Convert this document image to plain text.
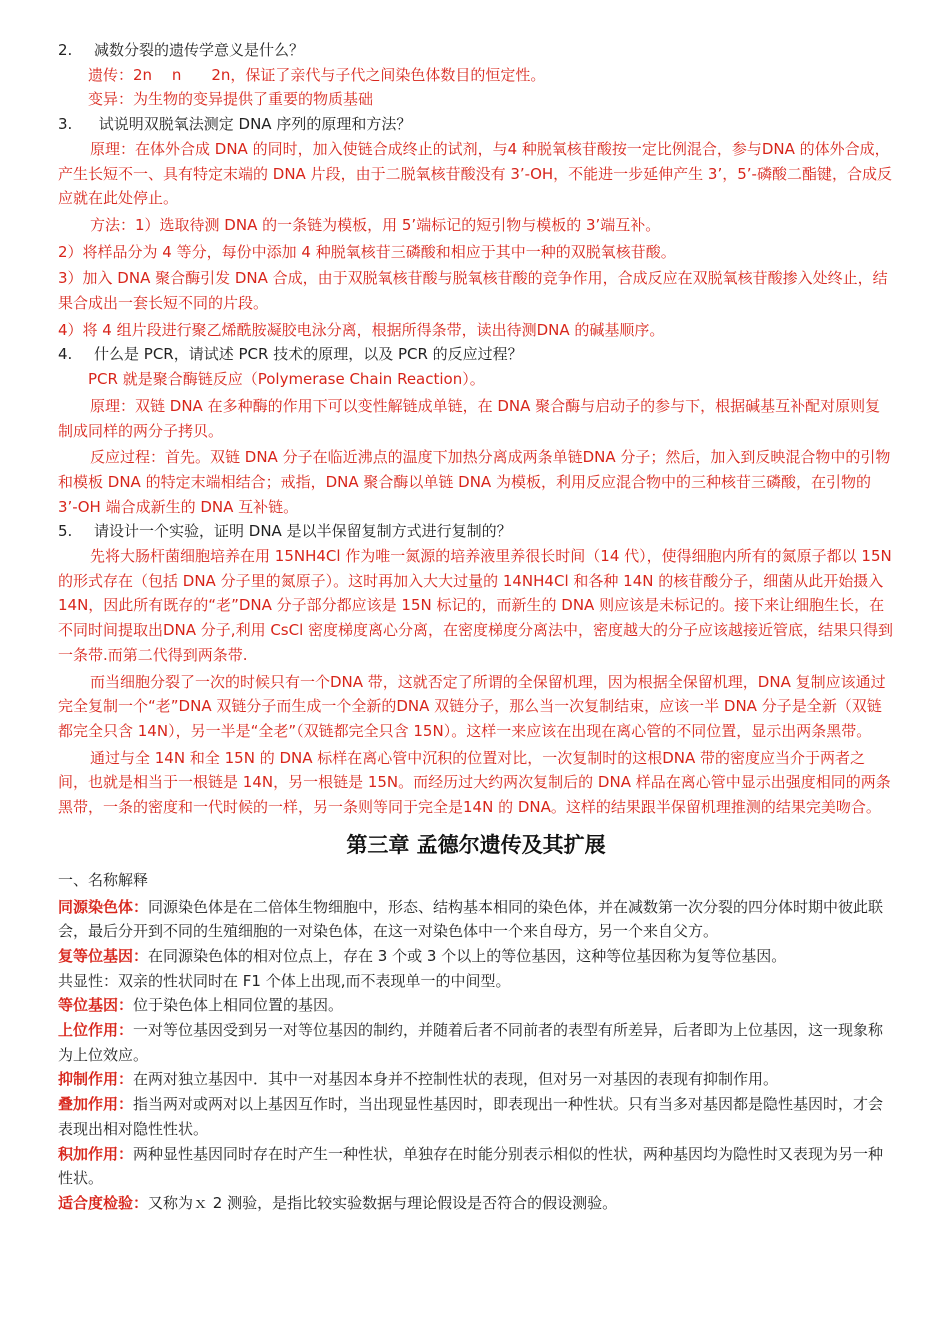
2. 减数分裂的遗传学意义是什么？
遗传：2n　 n　　2n，保证了亲代与子代之间染色体数目的恒定性。
变异：为生物的变异提供了重要的物质基础
3. 试说明双脱氧法测定 DNA 序列的原理和方法？

原理：在体外合成 DNA 的同时，加入使链合成终止的试剂，与4 种脱氧核苷酸按一定比例混合，参与DNA 的体外合成，产生长短不一、具有特定末端的 DNA 片段，由于二脱氧核苷酸没有 3’-OH，不能进一步延伸产生 3’，5’-磷酸二酯键，合成反应就在此处停止。

方法：1）选取待测 DNA 的一条链为模板，用 5’端标记的短引物与模板的 3’端互补。

2）将样品分为 4 等分，每份中添加 4 种脱氧核苷三磷酸和相应于其中一种的双脱氧核苷酸。

3）加入 DNA 聚合酶引发 DNA 合成，由于双脱氧核苷酸与脱氧核苷酸的竞争作用，合成反应在双脱氧核苷酸掺入处终止，结果合成出一套长短不同的片段。

4）将 4 组片段进行聚乙烯酰胺凝胶电泳分离，根据所得条带，读出待测DNA 的碱基顺序。

4. 什么是 PCR，请试述 PCR 技术的原理，以及 PCR 的反应过程？
PCR 就是聚合酶链反应（Polymerase Chain Reaction）。

原理：双链 DNA 在多种酶的作用下可以变性解链成单链，在 DNA 聚合酶与启动子的参与下，根据碱基互补配对原则复制成同样的两分子拷贝。

反应过程：首先。双链 DNA 分子在临近沸点的温度下加热分离成两条单链DNA 分子；然后，加入到反映混合物中的引物和模板 DNA 的特定末端相结合；戒指，DNA 聚合酶以单链 DNA 为模板，利用反应混合物中的三种核苷三磷酸，在引物的 3’-OH 端合成新生的 DNA 互补链。

5. 请设计一个实验，证明 DNA 是以半保留复制方式进行复制的？

先将大肠杆菌细胞培养在用 15NH4Cl 作为唯一氮源的培养液里养很长时间（14 代），使得细胞内所有的氮原子都以 15N 的形式存在（包括 DNA 分子里的氮原子）。这时再加入大大过量的 14NH4Cl 和各种 14N 的核苷酸分子，细菌从此开始摄入 14N，因此所有既存的“老”DNA 分子部分都应该是 15N 标记的，而新生的 DNA 则应该是未标记的。接下来让细胞生长，在不同时间提取出DNA 分子,利用 CsCl 密度梯度离心分离，在密度梯度分离法中，密度越大的分子应该越接近管底，结果只得到一条带.而第二代得到两条带.

而当细胞分裂了一次的时候只有一个DNA 带，这就否定了所谓的全保留机理，因为根据全保留机理，DNA 复制应该通过完全复制一个“老”DNA 双链分子而生成一个全新的DNA 双链分子，那么当一次复制结束，应该一半 DNA 分子是全新（双链都完全只含 14N），另一半是“全老”（双链都完全只含 15N）。这样一来应该在出现在离心管的不同位置，显示出两条黑带。

通过与全 14N 和全 15N 的 DNA 标样在离心管中沉积的位置对比，一次复制时的这根DNA 带的密度应当介于两者之间，也就是相当于一根链是 14N，另一根链是 15N。而经历过大约两次复制后的 DNA 样品在离心管中显示出强度相同的两条黑带，一条的密度和一代时候的一样，另一条则等同于完全是14N 的 DNA。这样的结果跟半保留机理推测的结果完美吻合。

第三章 孟德尔遗传及其扩展
一、名称解释

同源染色体：同源染色体是在二倍体生物细胞中，形态、结构基本相同的染色体，并在减数第一次分裂的四分体时期中彼此联会，最后分开到不同的生殖细胞的一对染色体，在这一对染色体中一个来自母方，另一个来自父方。

复等位基因：在同源染色体的相对位点上，存在 3 个或 3 个以上的等位基因，这种等位基因称为复等位基因。

共显性：双亲的性状同时在 F1 个体上出现,而不表现单一的中间型。

等位基因：位于染色体上相同位置的基因。

上位作用：一对等位基因受到另一对等位基因的制约，并随着后者不同前者的表型有所差异，后者即为上位基因，这一现象称为上位效应。

抑制作用：在两对独立基因中．其中一对基因本身并不控制性状的表现，但对另一对基因的表现有抑制作用。

叠加作用：指当两对或两对以上基因互作时，当出现显性基因时，即表现出一种性状。只有当多对基因都是隐性基因时，才会表现出相对隐性性状。

积加作用：两种显性基因同时存在时产生一种性状，单独存在时能分别表示相似的性状，两种基因均为隐性时又表现为另一种性状。

适合度检验：又称为ｘ 2 测验，是指比较实验数据与理论假设是否符合的假设测验。
